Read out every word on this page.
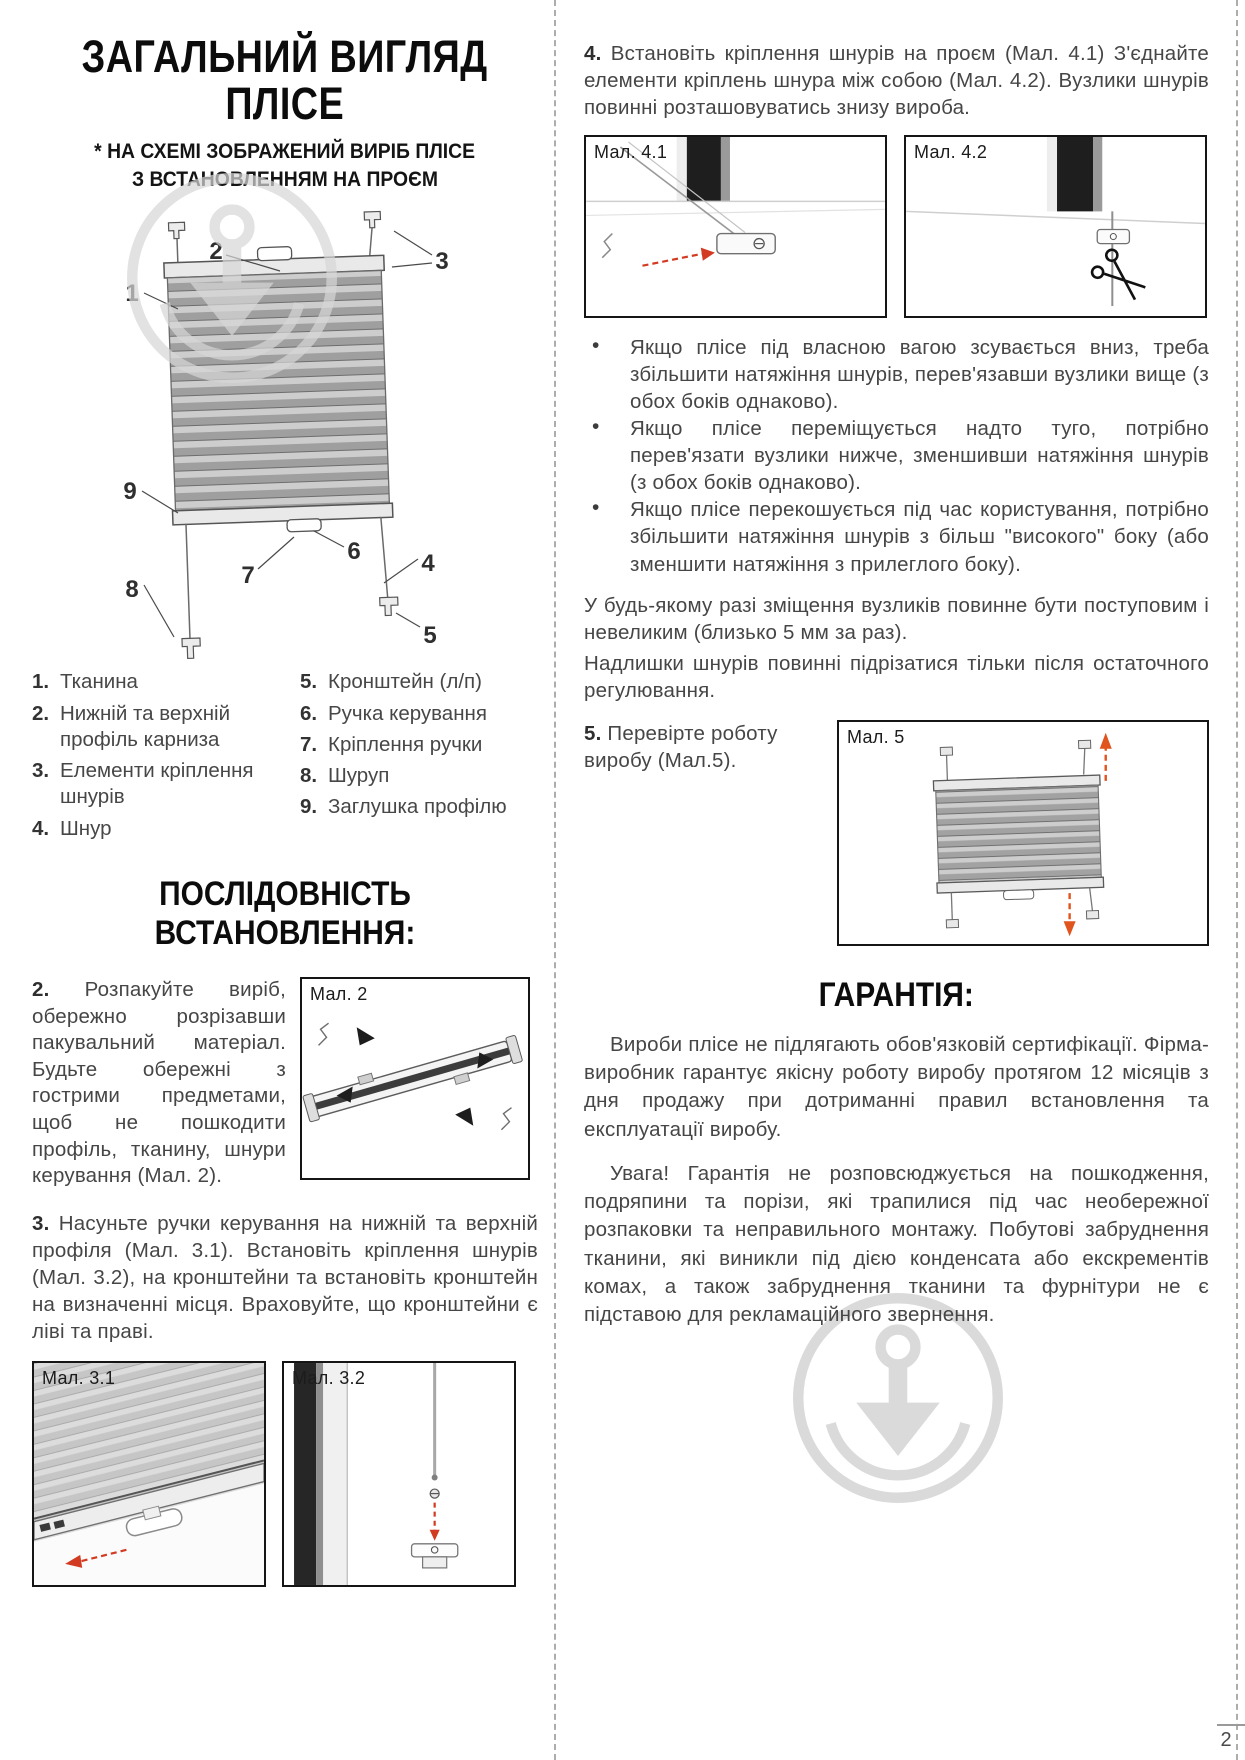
2
ЗАГАЛЬНИЙ ВИГЛЯД
ПЛІСЕ
* НА СХЕМІ ЗОБРАЖЕНИЙ ВИРІБ ПЛІСЕ
З ВСТАНОВЛЕННЯМ НА ПРОЄМ
1
2	3
4
5
6
7
8
9
1. Тканина
2. Нижній та верхній профіль карниза
3. Елементи кріплення шнурів
4. Шнур
5. Кронштейн (л/п)
6. Ручка керування
7. Кріплення ручки
8. Шуруп
9. Заглушка профілю
ПОСЛІДОВНІСТЬ ВСТАНОВЛЕННЯ:

2. Розпакуйте виріб, обережно розрізавши пакувальний матеріал. Будьте обережні з гострими предметами, щоб не пошкодити профіль, тканину, шнури керування (Мал. 2).

Мал. 2

3. Насуньте ручки керування на нижній та верхній профіля (Мал. 3.1). Встановіть кріплення шнурів (Мал. 3.2), на кронштейни та встановіть кронштейн на визначенні місця. Враховуйте, що кронштейни є ліві та праві.

Мал. 3.1	Мал. 3.2

4. Встановіть кріплення шнурів на проєм (Мал. 4.1) З'єднайте елементи кріплень шнура між собою (Мал. 4.2). Вузлики шнурів повинні розташовуватись знизу вироба.

Мал. 4.1	Мал. 4.2
•	Якщо плісе під власною вагою зсувається вниз, треба збільшити натяжіння шнурів, перев'язавши вузлики вище (з обох боків однаково).

•	Якщо плісе переміщується надто туго, потрібно перев'язати вузлики нижче, зменшивши натяжіння шнурів (з обох боків однаково).

•	Якщо плісе перекошується під час користування, потрібно збільшити натяжіння шнурів з більш "високого" боку (або зменшити натяжіння з прилеглого боку).

У будь-якому разі зміщення вузликів повинне бути поступовим і невеликим (близько 5 мм за раз).

Надлишки шнурів повинні підрізатися тільки після остаточного регулювання.

5. Перевірте роботу виробу (Мал.5).

Мал. 5
ГАРАНТІЯ:

Вироби плісе не підлягають обов'язковій сертифікації. Фірма-виробник гарантує якісну роботу виробу протягом 12 місяців з дня продажу при дотриманні правил встановлення та експлуатації виробу.

Увага! Гарантія не розповсюджується на пошкодження, подряпини та порізи, які трапилися під час необережної розпаковки та неправильного монтажу. Побутові забруднення тканини, які виникли під дією конденсата або екскрементів комах, а також забруднення тканини та фурнітури не є підставою для рекламаційного звернення.
